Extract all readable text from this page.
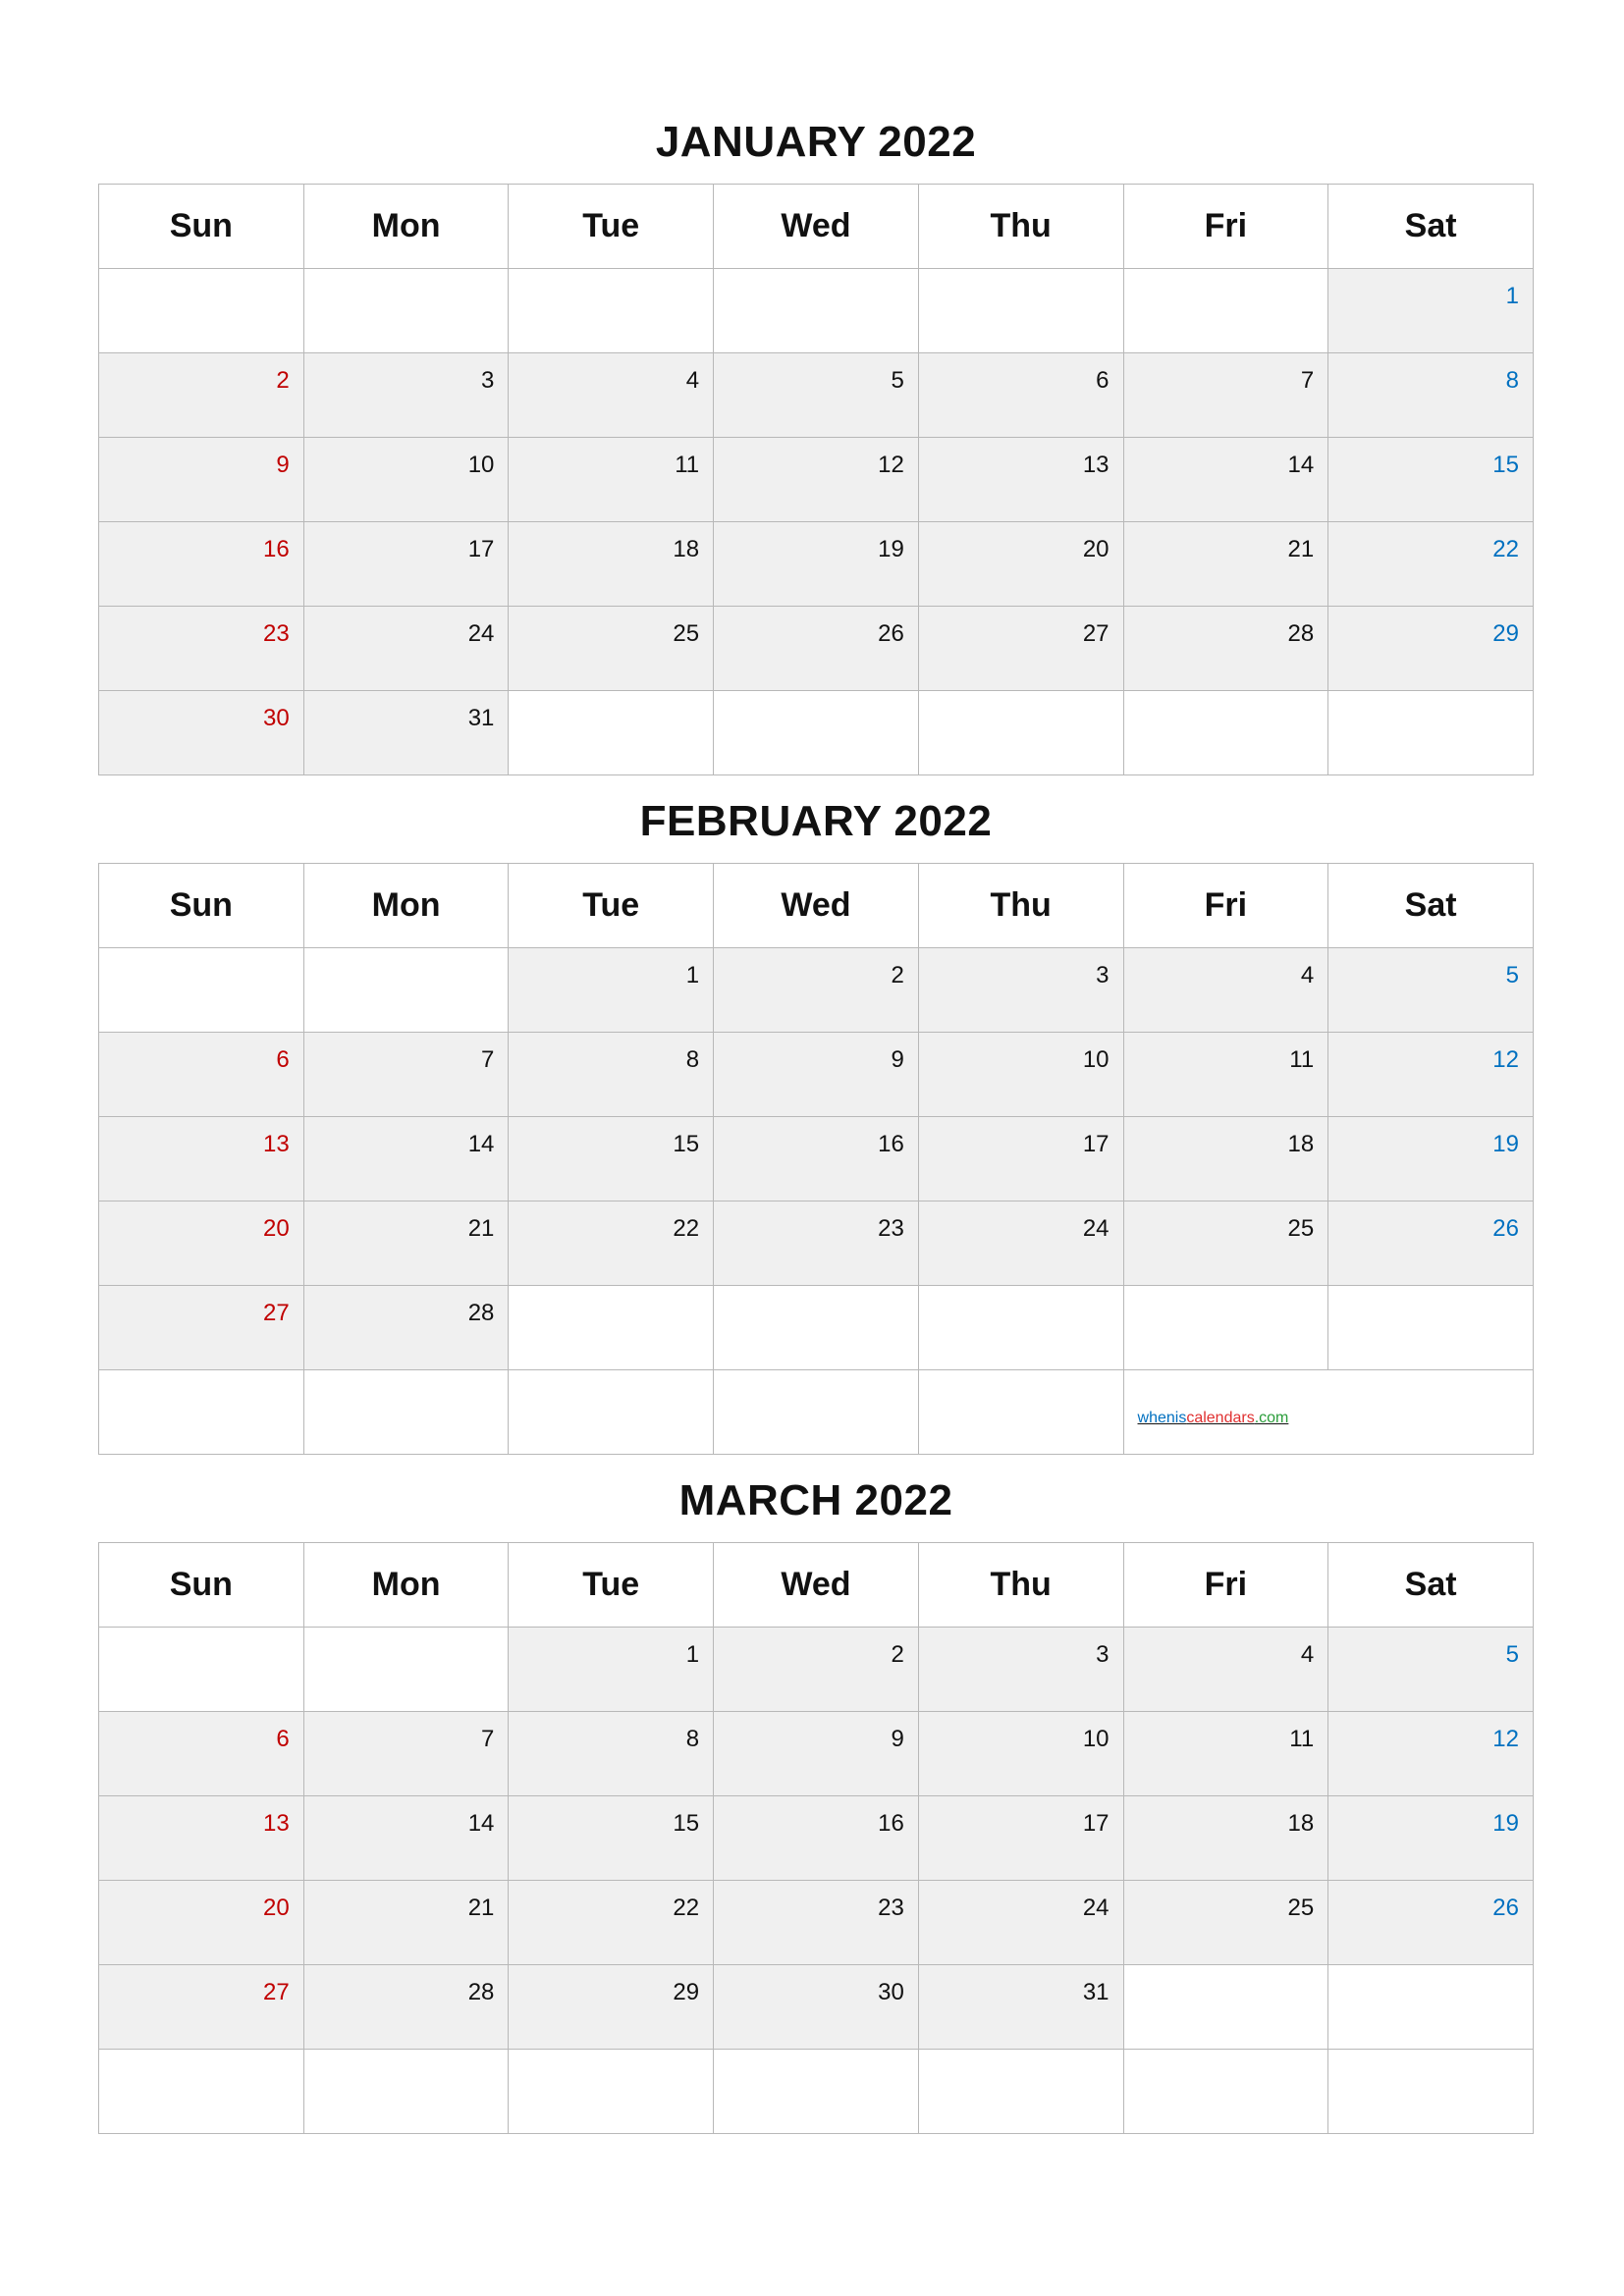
JANUARY 2022
Sun	Mon	Tue	Wed	Thu	Fri	Sat

						1

2	3	4	5	6	7	8

9	10	11	12	13	14	15

16	17	18	19	20	21	22

23	24	25	26	27	28	29

30	31					

FEBRUARY 2022
Sun	Mon	Tue	Wed	Thu	Fri	Sat

		1	2	3	4	5

6	7	8	9	10	11	12

13	14	15	16	17	18	19

20	21	22	23	24	25	26

27	28					

					wheniscalendars.com	
MARCH 2022
Sun	Mon	Tue	Wed	Thu	Fri	Sat

		1	2	3	4	5

6	7	8	9	10	11	12

13	14	15	16	17	18	19

20	21	22	23	24	25	26

27	28	29	30	31		
